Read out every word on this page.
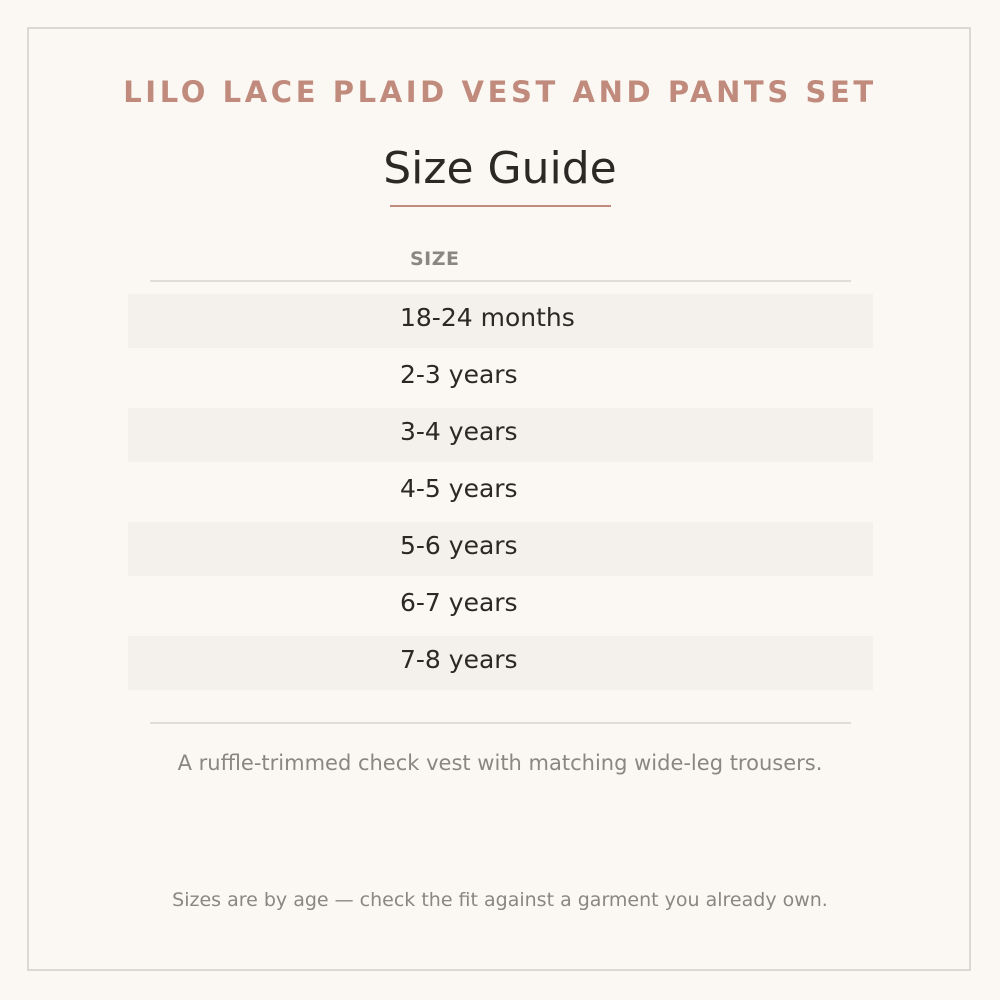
LILO LACE PLAID VEST AND PANTS SET
Size Guide
SIZE
18-24 months
2-3 years
3-4 years
4-5 years
5-6 years
6-7 years
7-8 years
A ruffle-trimmed check vest with matching wide-leg trousers.
Sizes are by age — check the fit against a garment you already own.
